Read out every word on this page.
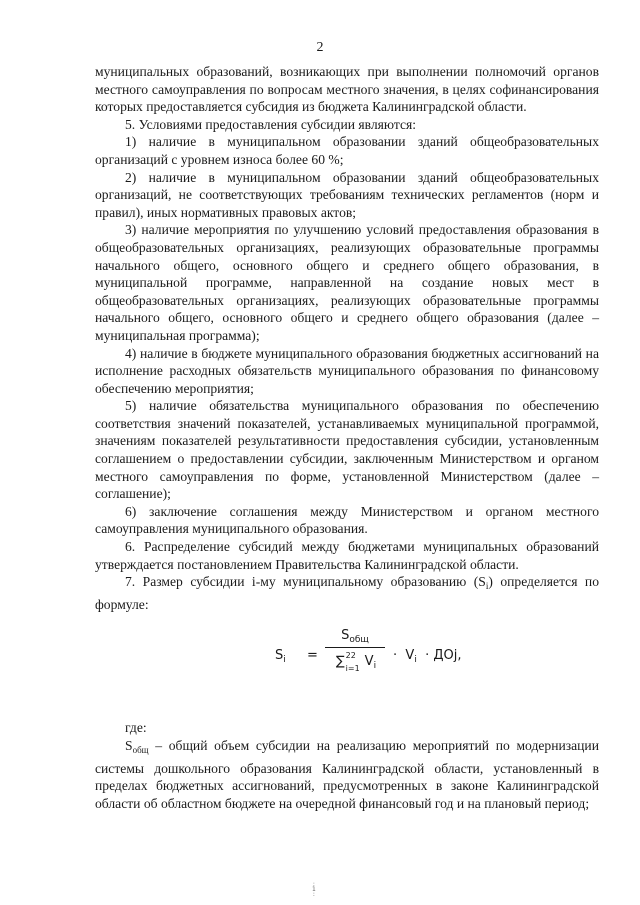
2

муниципальных образований, возникающих при выполнении полномочий органов местного самоуправления по вопросам местного значения, в целях софинансирования которых предоставляется субсидия из бюджета Калининградской области.

5. Условиями предоставления субсидии являются:

1) наличие в муниципальном образовании зданий общеобразовательных организаций с уровнем износа более 60 %;

2) наличие в муниципальном образовании зданий общеобразовательных организаций, не соответствующих требованиям технических регламентов (норм и правил), иных нормативных правовых актов;

3) наличие мероприятия по улучшению условий предоставления образования в общеобразовательных организациях, реализующих образовательные программы начального общего, основного общего и среднего общего образования, в муниципальной программе, направленной на создание новых мест в общеобразовательных организациях, реализующих образовательные программы начального общего, основного общего и среднего общего образования (далее – муниципальная программа);

4) наличие в бюджете муниципального образования бюджетных ассигнований на исполнение расходных обязательств муниципального образования по финансовому обеспечению мероприятия;

5) наличие обязательства муниципального образования по обеспечению соответствия значений показателей, устанавливаемых муниципальной программой, значениям показателей результативности предоставления субсидии, установленным соглашением о предоставлении субсидии, заключенным Министерством и органом местного самоуправления по форме, установленной Министерством (далее – соглашение);

6) заключение соглашения между Министерством и органом местного самоуправления муниципального образования.

6. Распределение субсидий между бюджетами муниципальных образований утверждается постановлением Правительства Калининградской области.

7. Размер субсидии i-му муниципальному образованию $(S_i)$ определяется по формуле:

$S_i$ =
$S_{общ}$
∑ 22
i=1 $V_i$
· $V_i$ · ДОj,

где:

$S_{общ}$ – общий объем субсидии на реализацию мероприятий по модернизации системы дошкольного образования Калининградской области, установленный в пределах бюджетных ассигнований, предусмотренных в законе Калининградской области об областном бюджете на очередной финансовый год и на плановый период;

:
1
:
